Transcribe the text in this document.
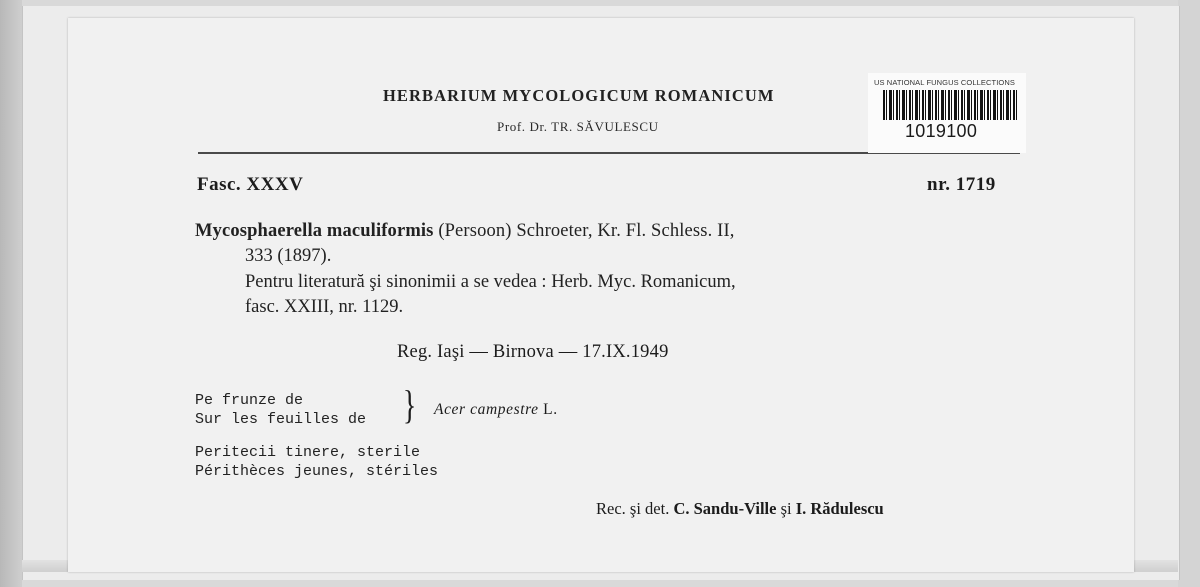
HERBARIUM MYCOLOGICUM ROMANICUM
Prof. Dr. TR. SĂVULESCU
US NATIONAL FUNGUS COLLECTIONS
1019100
Fasc. XXXV	nr. 1719
Mycosphaerella maculiformis (Persoon) Schroeter, Kr. Fl. Schless. II,
333 (1897).
Pentru literatură şi sinonimii a se vedea : Herb. Myc. Romanicum,
fasc. XXIII, nr. 1129.
Reg. Iaşi — Birnova — 17.IX.1949
Pe frunze de
Sur les feuilles de } Acer campestre L.
Peritecii tinere, sterile
Périthèces jeunes, stériles
Rec. şi det. C. Sandu-Ville şi I. Rădulescu
